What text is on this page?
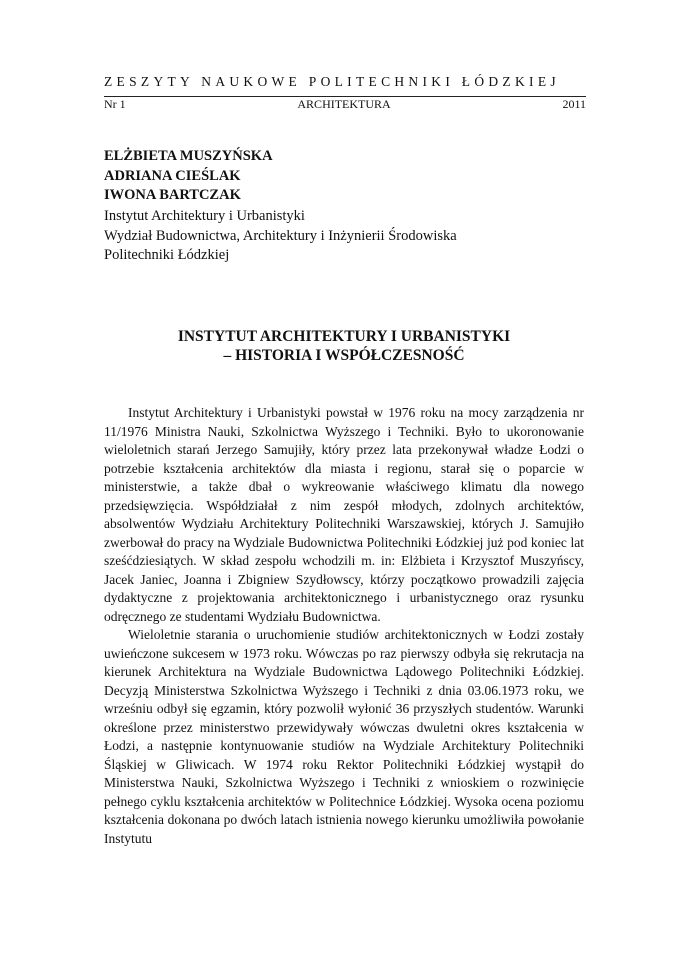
ZESZYTY NAUKOWE POLITECHNIKI ŁÓDZKIEJ
Nr 1	ARCHITEKTURA	2011
ELŻBIETA MUSZYŃSKA
ADRIANA CIEŚLAK
IWONA BARTCZAK
Instytut Architektury i Urbanistyki
Wydział Budownictwa, Architektury i Inżynierii Środowiska
Politechniki Łódzkiej
INSTYTUT ARCHITEKTURY I URBANISTYKI
– HISTORIA I WSPÓŁCZESNOŚĆ

Instytut Architektury i Urbanistyki powstał w 1976 roku na mocy zarządzenia nr 11/1976 Ministra Nauki, Szkolnictwa Wyższego i Techniki. Było to ukoronowanie wieloletnich starań Jerzego Samujiły, który przez lata przekonywał władze Łodzi o potrzebie kształcenia architektów dla miasta i regionu, starał się o poparcie w ministerstwie, a także dbał o wykreowanie właściwego klimatu dla nowego przedsięwzięcia. Współdziałał z nim zespół młodych, zdolnych architektów, absolwentów Wydziału Architektury Politechniki Warszawskiej, których J. Samujiło zwerbował do pracy na Wydziale Budownictwa Politechniki Łódzkiej już pod koniec lat sześćdziesiątych. W skład zespołu wchodzili m. in: Elżbieta i Krzysztof Muszyńscy, Jacek Janiec, Joanna i Zbigniew Szydłowscy, którzy początkowo prowadzili zajęcia dydaktyczne z projektowania architektonicznego i urbanistycznego oraz rysunku odręcznego ze studentami Wydziału Budownictwa.

Wieloletnie starania o uruchomienie studiów architektonicznych w Łodzi zostały uwieńczone sukcesem w 1973 roku. Wówczas po raz pierwszy odbyła się rekrutacja na kierunek Architektura na Wydziale Budownictwa Lądowego Politechniki Łódzkiej. Decyzją Ministerstwa Szkolnictwa Wyższego i Techniki z dnia 03.06.1973 roku, we wrześniu odbył się egzamin, który pozwolił wyłonić 36 przyszłych studentów. Warunki określone przez ministerstwo przewidywały wówczas dwuletni okres kształcenia w Łodzi, a następnie kontynuowanie studiów na Wydziale Architektury Politechniki Śląskiej w Gliwicach. W 1974 roku Rektor Politechniki Łódzkiej wystąpił do Ministerstwa Nauki, Szkolnictwa Wyższego i Techniki z wnioskiem o rozwinięcie pełnego cyklu kształcenia architektów w Politechnice Łódzkiej. Wysoka ocena poziomu kształcenia dokonana po dwóch latach istnienia nowego kierunku umożliwiła powołanie Instytutu
